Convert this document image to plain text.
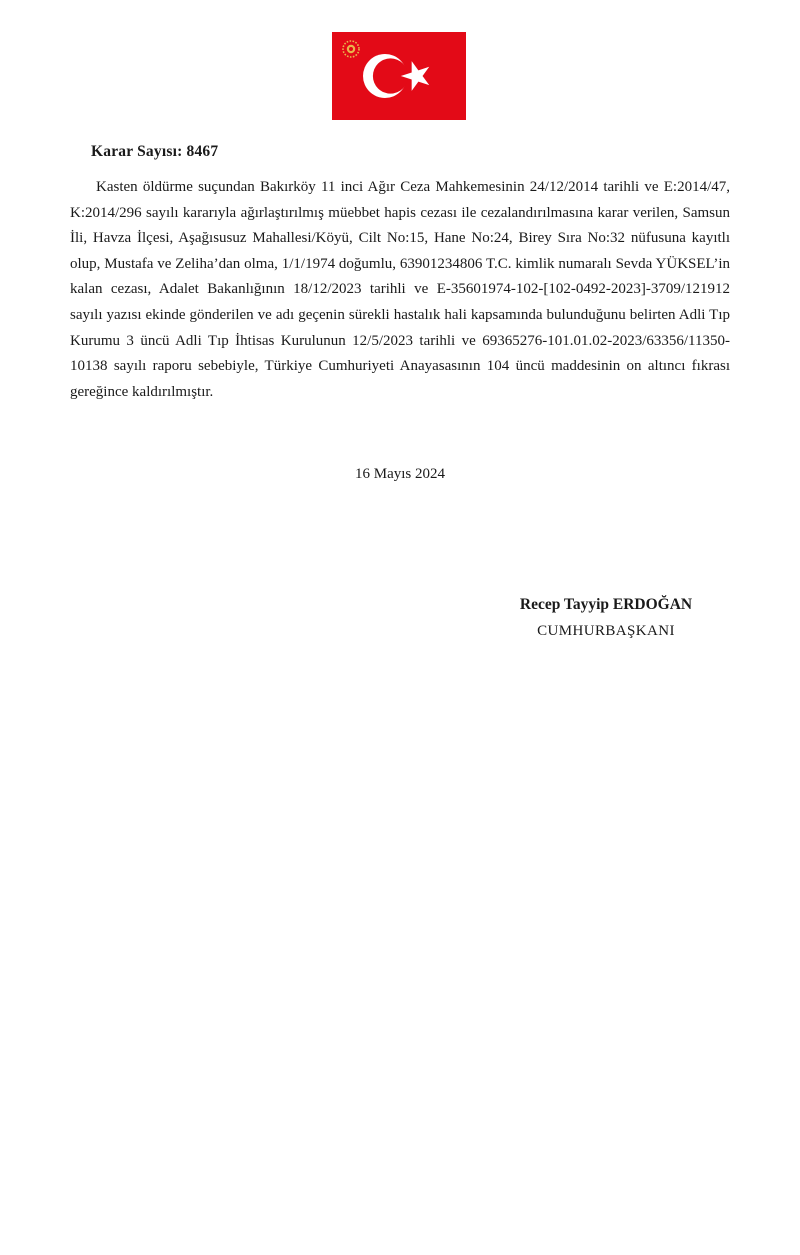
Karar Sayısı: 8467

Kasten öldürme suçundan Bakırköy 11 inci Ağır Ceza Mahkemesinin 24/12/2014 tarihli ve E:2014/47, K:2014/296 sayılı kararıyla ağırlaştırılmış müebbet hapis cezası ile cezalandırılmasına karar verilen, Samsun İli, Havza İlçesi, Aşağısusuz Mahallesi/Köyü, Cilt No:15, Hane No:24, Birey Sıra No:32 nüfusuna kayıtlı olup, Mustafa ve Zeliha’dan olma, 1/1/1974 doğumlu, 63901234806 T.C. kimlik numaralı Sevda YÜKSEL’in kalan cezası, Adalet Bakanlığının 18/12/2023 tarihli ve E-35601974-102-[102-0492-2023]-3709/121912 sayılı yazısı ekinde gönderilen ve adı geçenin sürekli hastalık hali kapsamında bulunduğunu belirten Adli Tıp Kurumu 3 üncü Adli Tıp İhtisas Kurulunun 12/5/2023 tarihli ve 69365276-101.01.02-2023/63356/11350-10138 sayılı raporu sebebiyle, Türkiye Cumhuriyeti Anayasasının 104 üncü maddesinin on altıncı fıkrası gereğince kaldırılmıştır.

16 Mayıs 2024
Recep Tayyip ERDOĞAN
CUMHURBAŞKANI
